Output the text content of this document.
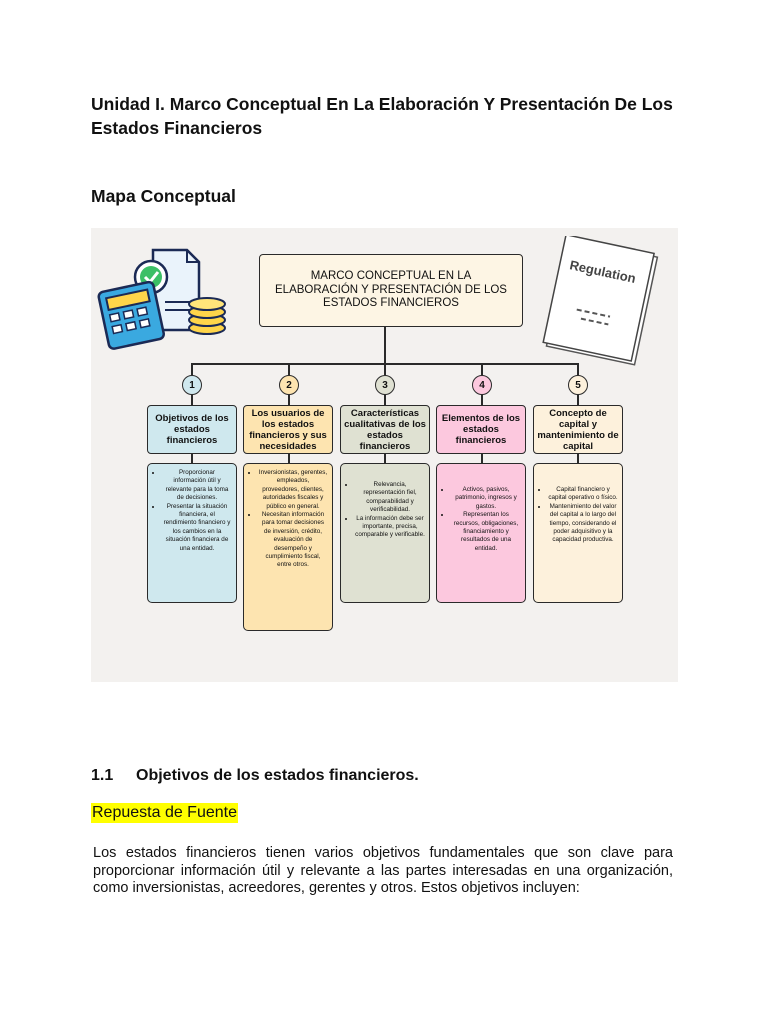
Unidad I. Marco Conceptual En La Elaboración Y Presentación De Los Estados Financieros
Mapa Conceptual
Regulation
MARCO CONCEPTUAL EN LA ELABORACIÓN Y PRESENTACIÓN DE LOS ESTADOS FINANCIEROS
1	2	3	4	5
Objetivos de los estados financieros
Los usuarios de los estados financieros y sus necesidades
Características cualitativas de los estados financieros
Elementos de los estados financieros
Concepto de capital y mantenimiento de capital
• Proporcionar información útil y relevante para la toma de decisiones.
• Presentar la situación financiera, el rendimiento financiero y los cambios en la situación financiera de una entidad.
• Inversionistas, gerentes, empleados, proveedores, clientes, autoridades fiscales y público en general.
• Necesitan información para tomar decisiones de inversión, crédito, evaluación de desempeño y cumplimiento fiscal, entre otros.
• Relevancia, representación fiel, comparabilidad y verificabilidad.
• La información debe ser importante, precisa, comparable y verificable.
• Activos, pasivos, patrimonio, ingresos y gastos.
• Representan los recursos, obligaciones, financiamiento y resultados de una entidad.
• Capital financiero y capital operativo o físico.
• Mantenimiento del valor del capital a lo largo del tiempo, considerando el poder adquisitivo y la capacidad productiva.
1.1 Objetivos de los estados financieros.
Repuesta de Fuente
Los estados financieros tienen varios objetivos fundamentales que son clave para proporcionar información útil y relevante a las partes interesadas en una organización, como inversionistas, acreedores, gerentes y otros. Estos objetivos incluyen:
